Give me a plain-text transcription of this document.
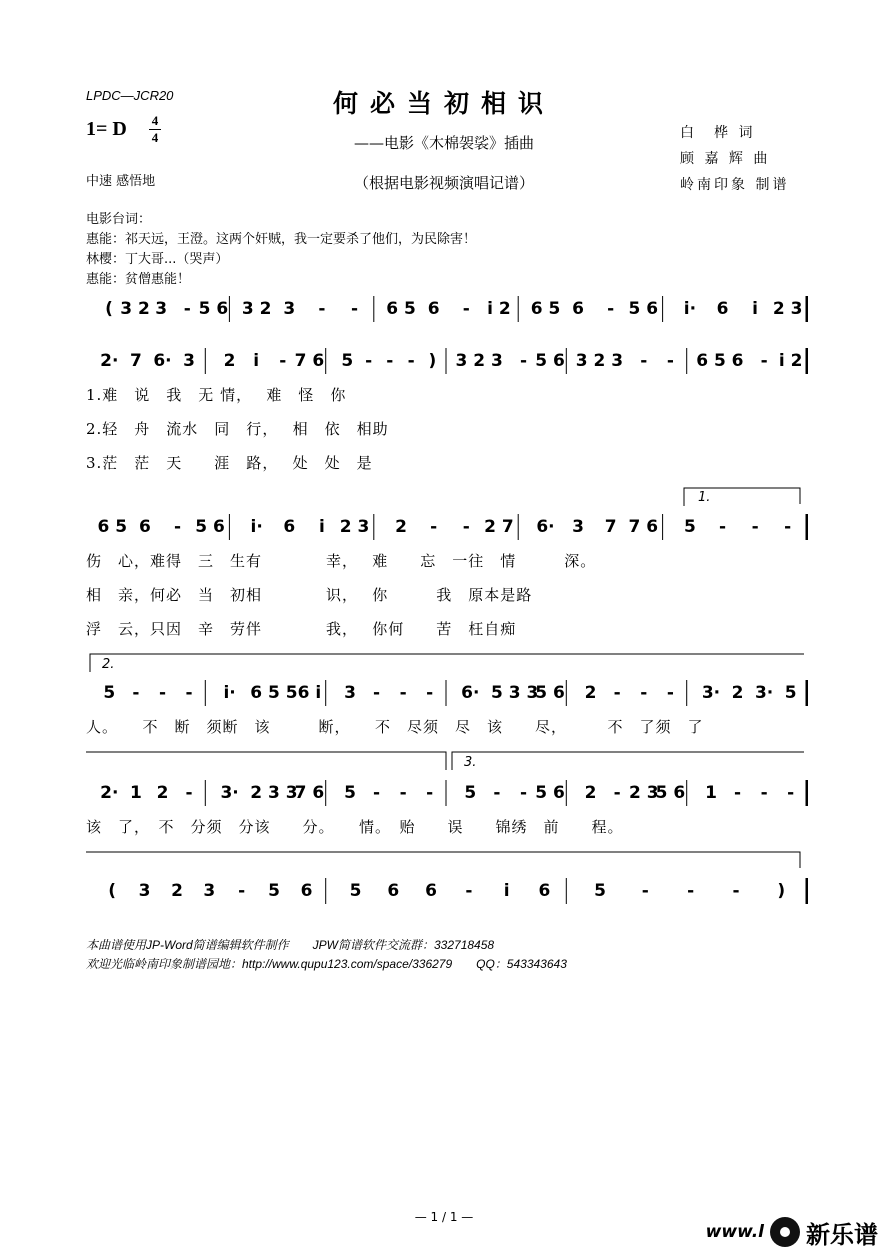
LPDC—JCR20	何必当初相识
——电影《木棉袈裟》插曲
（根据电影视频演唱记谱）
1= D 4
4
中速 感悟地
白　桦 词
顾 嘉 辉 曲
岭南印象 制谱
电影台词：
惠能：祁天远，王澄。这两个奸贼，我一定要杀了他们，为民除害！
林樱：丁大哥...（哭声）
惠能：贫僧惠能！
( 3 2 3 - 5 6 3 2 3 - - 6 5 6 - i 2 6 5 6 - 5 6 i· 6 i 2 3
2· 7 6· 3 2 i - 7 6 5 - - - ) 3 2 3 - 5 6 3 2 3 - - 6 5 6 - i 2
6 5 6 - 5 6 i· 6 i 2 3 2 - - 2 7 6· 3 7 7 6 5 - - -
5 - - - i· 6 5 5 6 i 3 - - - 6· 5 3 3
5 6 2 - - - 3· 2 3· 5
2· 1 2 - 3· 2 3 3
7 6 5 - - - 5 - - 5 6 2 - 2 3
5 6 1 - - -
( 3 2 3 - 5 6 5 6 6 - i 6	5 - - - )
1.
2.
3.
1.难　说　我　无 情，　 难　怪　你
2.轻　舟　流水　同　行，　 相　依　相助
3.茫　茫　天　　涯　路，　 处　处　是
伤　心，难得　三　生有　　　　幸，　 难　　忘　一往　情　　　深。
相　亲，何必　当　初相　　　　识，　 你　　　我　原本是路
浮　云，只因　辛　劳伴　　　　我，　 你何　　苦　枉自痴
人。　　不　断　须断　该　　　断，　　不　尽须　尽　该　　尽，　　　不　了须　了
该　了，　不　分须　分该　　分。　　情。　贻　　误　　锦绣　前　　程。
本曲谱使用JP-Word简谱编辑软件制作　　JPW简谱软件交流群：332718458
欢迎光临岭南印象制谱园地：http://www.qupu123.com/space/336279　　QQ：543343643
— 1 / 1 —
www.l 新乐谱
